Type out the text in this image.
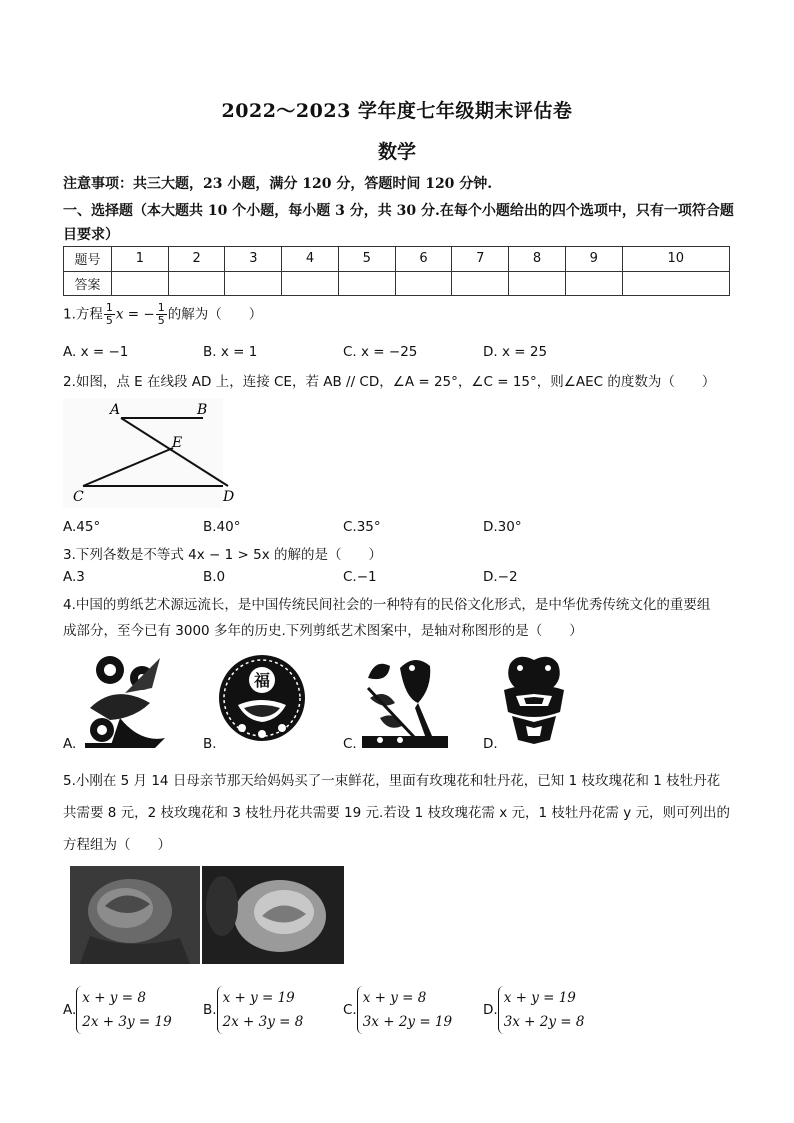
2022～2023 学年度七年级期末评估卷
数学
注意事项：共三大题，23 小题，满分 120 分，答题时间 120 分钟.
一、选择题（本大题共 10 个小题，每小题 3 分，共 30 分.在每个小题给出的四个选项中，只有一项符合题目要求）
题号	1	2	3	4	5	6	7	8	9	10
答案										
1.方程 $\frac{1}{5}$ x = − $\frac{1}{5}$ 的解为（　　）
A. x = −1	B. x = 1	C. x = −25	D. x = 25
2.如图，点 E 在线段 AD 上，连接 CE，若 AB // CD，∠A = 25°，∠C = 15°，则∠AEC 的度数为（　　）
A	B
E
C	D
A.45°	B.40°	C.35°	D.30°
3.下列各数是不等式 4x − 1 > 5x 的解的是（　　）
A.3	B.0	C.−1	D.−2
4.中国的剪纸艺术源远流长，是中国传统民间社会的一种特有的民俗文化形式，是中华优秀传统文化的重要组
成部分，至今已有 3000 多年的历史.下列剪纸艺术图案中，是轴对称图形的是（　　）
A.
福
B.	C.	D.
5.小刚在 5 月 14 日母亲节那天给妈妈买了一束鲜花，里面有玫瑰花和牡丹花，已知 1 枝玫瑰花和 1 枝牡丹花
共需要 8 元，2 枝玫瑰花和 3 枝牡丹花共需要 19 元.若设 1 枝玫瑰花需 x 元，1 枝牡丹花需 y 元，则可列出的
方程组为（　　）
A.
x + y = 8
2x + 3y = 19
B.
x + y = 19
2x + 3y = 8
C.
x + y = 8
3x + 2y = 19
D.
x + y = 19
3x + 2y = 8
